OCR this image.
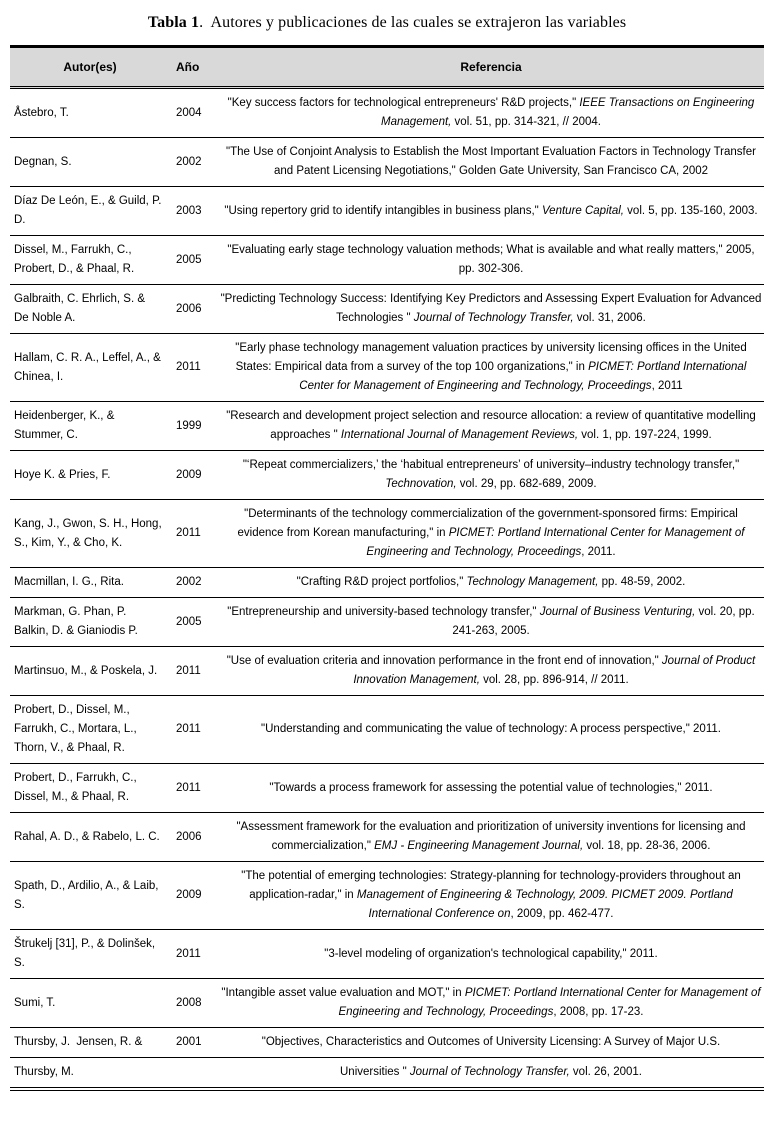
Tabla 1.  Autores y publicaciones de las cuales se extrajeron las variables
Autor(es)	Año	Referencia
Åstebro, T.	2004	"Key success factors for technological entrepreneurs' R&D projects," IEEE Transactions on Engineering Management, vol. 51, pp. 314-321, // 2004.
Degnan, S.	2002	"The Use of Conjoint Analysis to Establish the Most Important Evaluation Factors in Technology Transfer and Patent Licensing Negotiations," Golden Gate University, San Francisco CA, 2002
Díaz De León, E., & Guild, P. D.	2003	"Using repertory grid to identify intangibles in business plans," Venture Capital, vol. 5, pp. 135-160, 2003.
Dissel, M., Farrukh, C., Probert, D., & Phaal, R.	2005	"Evaluating early stage technology valuation methods; What is available and what really matters," 2005, pp. 302-306.
Galbraith, C. Ehrlich, S. & De Noble A.	2006	"Predicting Technology Success: Identifying Key Predictors and Assessing Expert Evaluation for Advanced Technologies " Journal of Technology Transfer, vol. 31, 2006.
Hallam, C. R. A., Leffel, A., & Chinea, I.	2011	"Early phase technology management valuation practices by university licensing offices in the United States: Empirical data from a survey of the top 100 organizations," in PICMET: Portland International Center for Management of Engineering and Technology, Proceedings, 2011
Heidenberger, K., & Stummer, C.	1999	"Research and development project selection and resource allocation: a review of quantitative modelling approaches " International Journal of Management Reviews, vol. 1, pp. 197-224, 1999.
Hoye K. & Pries, F.	2009	"‘Repeat commercializers,’ the ‘habitual entrepreneurs’ of university–industry technology transfer," Technovation, vol. 29, pp. 682-689, 2009.
Kang, J., Gwon, S. H., Hong, S., Kim, Y., & Cho, K.	2011	"Determinants of the technology commercialization of the government-sponsored firms: Empirical evidence from Korean manufacturing," in PICMET: Portland International Center for Management of Engineering and Technology, Proceedings, 2011.
Macmillan, I. G., Rita.	2002	"Crafting R&D project portfolios," Technology Management, pp. 48-59, 2002.
Markman, G. Phan, P. Balkin, D. & Gianiodis P.	2005	"Entrepreneurship and university-based technology transfer," Journal of Business Venturing, vol. 20, pp. 241-263, 2005.
Martinsuo, M., & Poskela, J.	2011	"Use of evaluation criteria and innovation performance in the front end of innovation," Journal of Product Innovation Management, vol. 28, pp. 896-914, // 2011.
Probert, D., Dissel, M., Farrukh, C., Mortara, L., Thorn, V., & Phaal, R.	2011	"Understanding and communicating the value of technology: A process perspective," 2011.
Probert, D., Farrukh, C., Dissel, M., & Phaal, R.	2011	"Towards a process framework for assessing the potential value of technologies," 2011.
Rahal, A. D., & Rabelo, L. C.	2006	"Assessment framework for the evaluation and prioritization of university inventions for licensing and commercialization," EMJ - Engineering Management Journal, vol. 18, pp. 28-36, 2006.
Spath, D., Ardilio, A., & Laib, S.	2009	"The potential of emerging technologies: Strategy-planning for technology-providers throughout an application-radar," in Management of Engineering & Technology, 2009. PICMET 2009. Portland International Conference on, 2009, pp. 462-477.
Štrukelj [31], P., & Dolinšek, S.	2011	"3-level modeling of organization's technological capability," 2011.
Sumi, T.	2008	"Intangible asset value evaluation and MOT," in PICMET: Portland International Center for Management of Engineering and Technology, Proceedings, 2008, pp. 17-23.
Thursby, J.  Jensen, R. &	2001	"Objectives, Characteristics and Outcomes of University Licensing: A Survey of Major U.S.
Thursby, M.		Universities " Journal of Technology Transfer, vol. 26, 2001.
